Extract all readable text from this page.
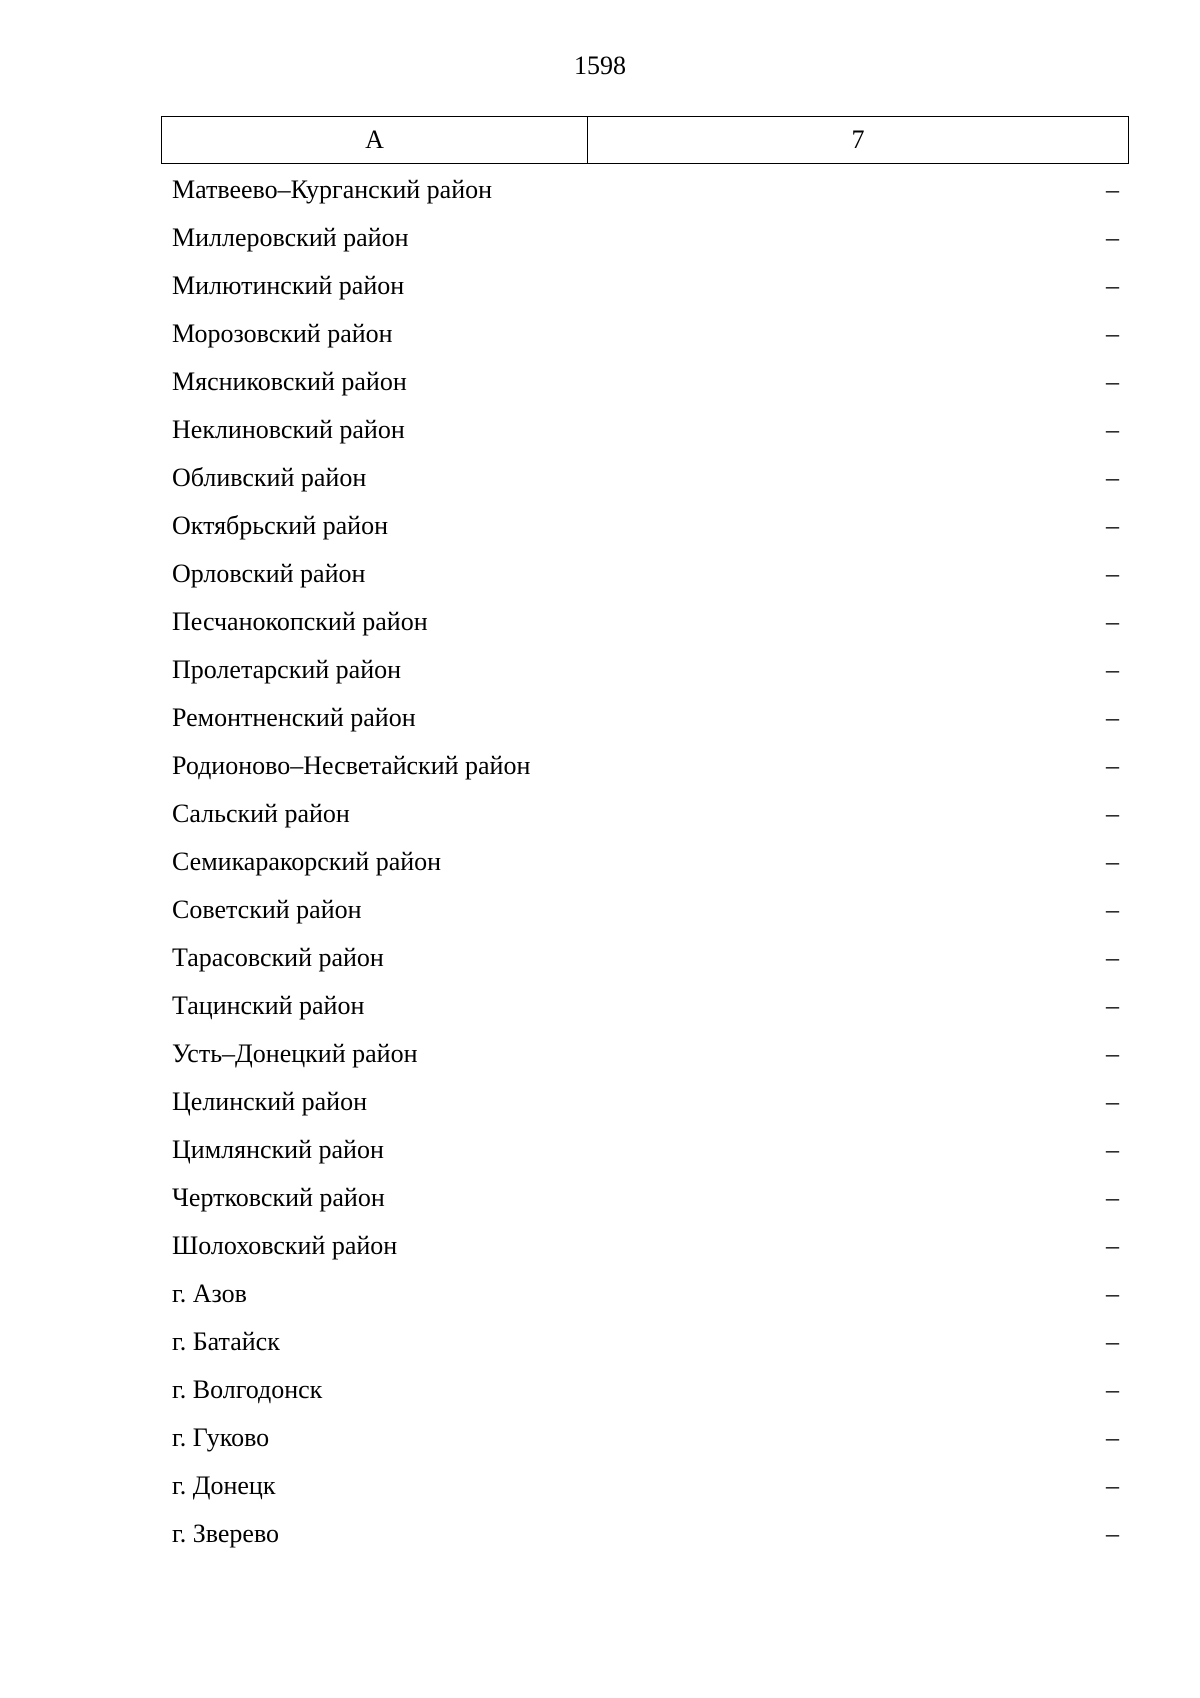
1598
А	7
Матвеево–Курганский район	–
Миллеровский район	–
Милютинский район	–
Морозовский район	–
Мясниковский район	–
Неклиновский район	–
Обливский район	–
Октябрьский район	–
Орловский район	–
Песчанокопский район	–
Пролетарский район	–
Ремонтненский район	–
Родионово–Несветайский район	–
Сальский район	–
Семикаракорский район	–
Советский район	–
Тарасовский район	–
Тацинский район	–
Усть–Донецкий район	–
Целинский район	–
Цимлянский район	–
Чертковский район	–
Шолоховский район	–
г. Азов	–
г. Батайск	–
г. Волгодонск	–
г. Гуково	–
г. Донецк	–
г. Зверево	–
